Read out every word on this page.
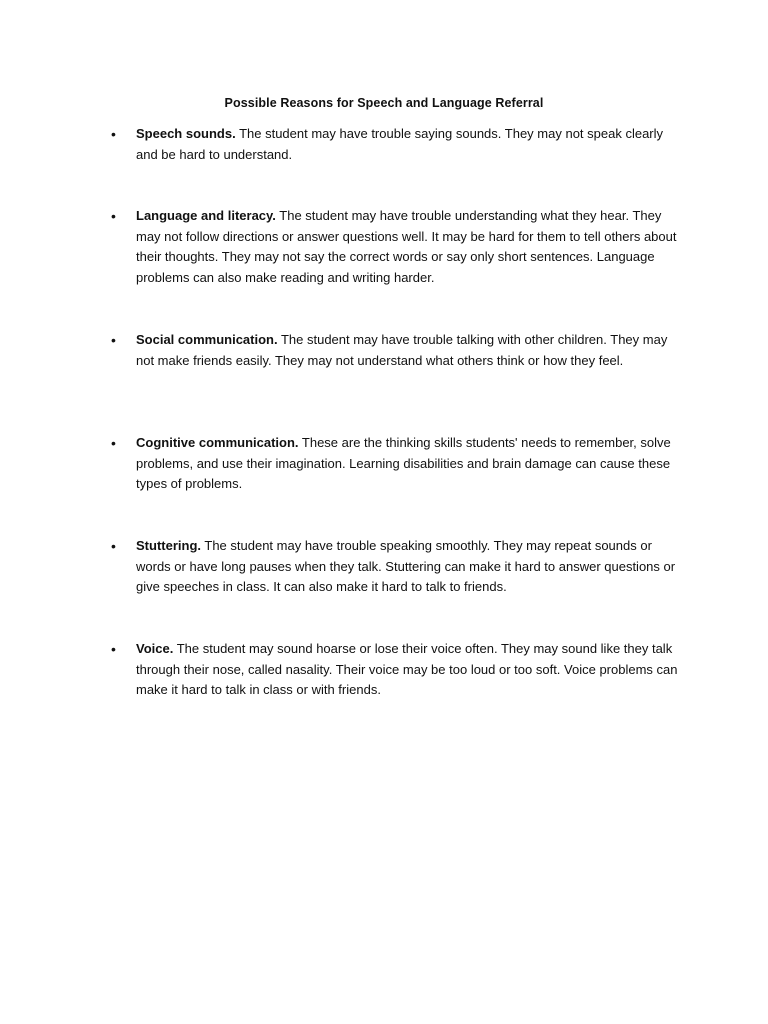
Possible Reasons for Speech and Language Referral
• Speech sounds. The student may have trouble saying sounds. They may not speak clearly and be hard to understand.
• Language and literacy. The student may have trouble understanding what they hear. They may not follow directions or answer questions well. It may be hard for them to tell others about their thoughts. They may not say the correct words or say only short sentences. Language problems can also make reading and writing harder.
• Social communication. The student may have trouble talking with other children. They may not make friends easily. They may not understand what others think or how they feel.
• Cognitive communication. These are the thinking skills students' needs to remember, solve problems, and use their imagination. Learning disabilities and brain damage can cause these types of problems.
• Stuttering. The student may have trouble speaking smoothly. They may repeat sounds or words or have long pauses when they talk. Stuttering can make it hard to answer questions or give speeches in class. It can also make it hard to talk to friends.
• Voice. The student may sound hoarse or lose their voice often. They may sound like they talk through their nose, called nasality. Their voice may be too loud or too soft. Voice problems can make it hard to talk in class or with friends.
